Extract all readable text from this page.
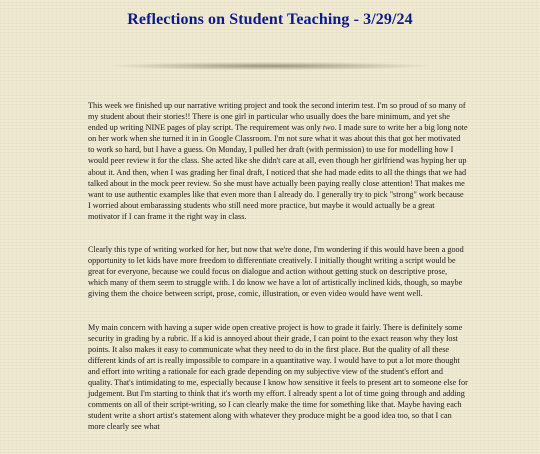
Reflections on Student Teaching - 3/29/24

This week we finished up our narrative writing project and took the second interim test. I'm so proud of so many of my student about their stories!! There is one girl in particular who usually does the bare minimum, and yet she ended up writing NINE pages of play script. The requirement was only two. I made sure to write her a big long note on her work when she turned it in in Google Classroom. I'm not sure what it was about this that got her motivated to work so hard, but I have a guess. On Monday, I pulled her draft (with permission) to use for modelling how I would peer review it for the class. She acted like she didn't care at all, even though her girlfriend was hyping her up about it. And then, when I was grading her final draft, I noticed that she had made edits to all the things that we had talked about in the mock peer review. So she must have actually been paying really close attention! That makes me want to use authentic examples like that even more than I already do. I generally try to pick "strong" work because I worried about embarassing students who still need more practice, but maybe it would actually be a great motivator if I can frame it the right way in class.

Clearly this type of writing worked for her, but now that we're done, I'm wondering if this would have been a good opportunity to let kids have more freedom to differentiate creatively. I initially thought writing a script would be great for everyone, because we could focus on dialogue and action without getting stuck on descriptive prose, which many of them seem to struggle with. I do know we have a lot of artistically inclined kids, though, so maybe giving them the choice between script, prose, comic, illustration, or even video would have went well.

My main concern with having a super wide open creative project is how to grade it fairly. There is definitely some security in grading by a rubric. If a kid is annoyed about their grade, I can point to the exact reason why they lost points. It also makes it easy to communicate what they need to do in the first place. But the quality of all these different kinds of art is really impossible to compare in a quantitative way. I would have to put a lot more thought and effort into writing a rationale for each grade depending on my subjective view of the student's effort and quality. That's intimidating to me, especially because I know how sensitive it feels to present art to someone else for judgement. But I'm starting to think that it's worth my effort. I already spent a lot of time going through and adding comments on all of their script-writing, so I can clearly make the time for something like that. Maybe having each student write a short artist's statement along with whatever they produce might be a good idea too, so that I can more clearly see what
